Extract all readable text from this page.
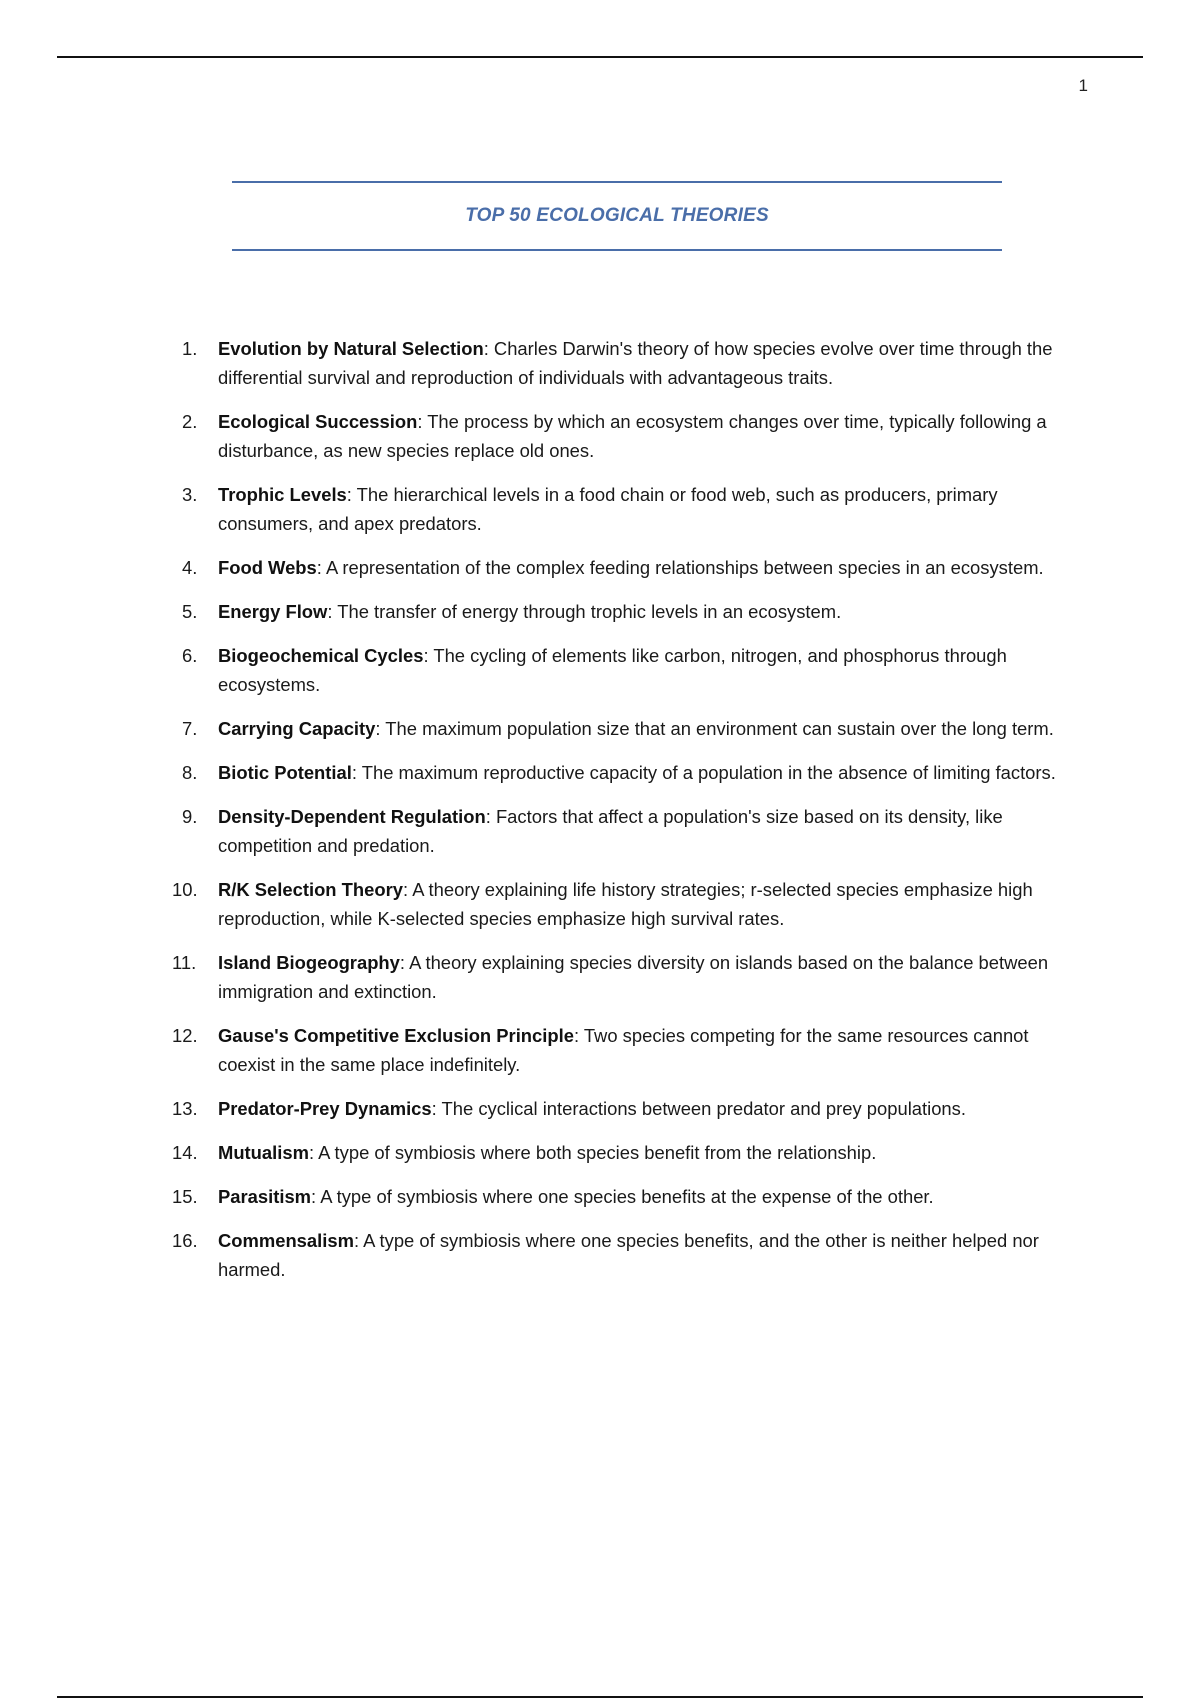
1
TOP 50 ECOLOGICAL THEORIES
1.	Evolution by Natural Selection: Charles Darwin's theory of how species evolve over time through the differential survival and reproduction of individuals with advantageous traits.
2.	Ecological Succession: The process by which an ecosystem changes over time, typically following a disturbance, as new species replace old ones.
3.	Trophic Levels: The hierarchical levels in a food chain or food web, such as producers, primary consumers, and apex predators.
4.	Food Webs: A representation of the complex feeding relationships between species in an ecosystem.
5.	Energy Flow: The transfer of energy through trophic levels in an ecosystem.
6.	Biogeochemical Cycles: The cycling of elements like carbon, nitrogen, and phosphorus through ecosystems.
7.	Carrying Capacity: The maximum population size that an environment can sustain over the long term.
8.	Biotic Potential: The maximum reproductive capacity of a population in the absence of limiting factors.
9.	Density-Dependent Regulation: Factors that affect a population's size based on its density, like competition and predation.
10.	R/K Selection Theory: A theory explaining life history strategies; r-selected species emphasize high reproduction, while K-selected species emphasize high survival rates.
11.	Island Biogeography: A theory explaining species diversity on islands based on the balance between immigration and extinction.
12.	Gause's Competitive Exclusion Principle: Two species competing for the same resources cannot coexist in the same place indefinitely.
13.	Predator-Prey Dynamics: The cyclical interactions between predator and prey populations.
14.	Mutualism: A type of symbiosis where both species benefit from the relationship.
15.	Parasitism: A type of symbiosis where one species benefits at the expense of the other.
16.	Commensalism: A type of symbiosis where one species benefits, and the other is neither helped nor harmed.
